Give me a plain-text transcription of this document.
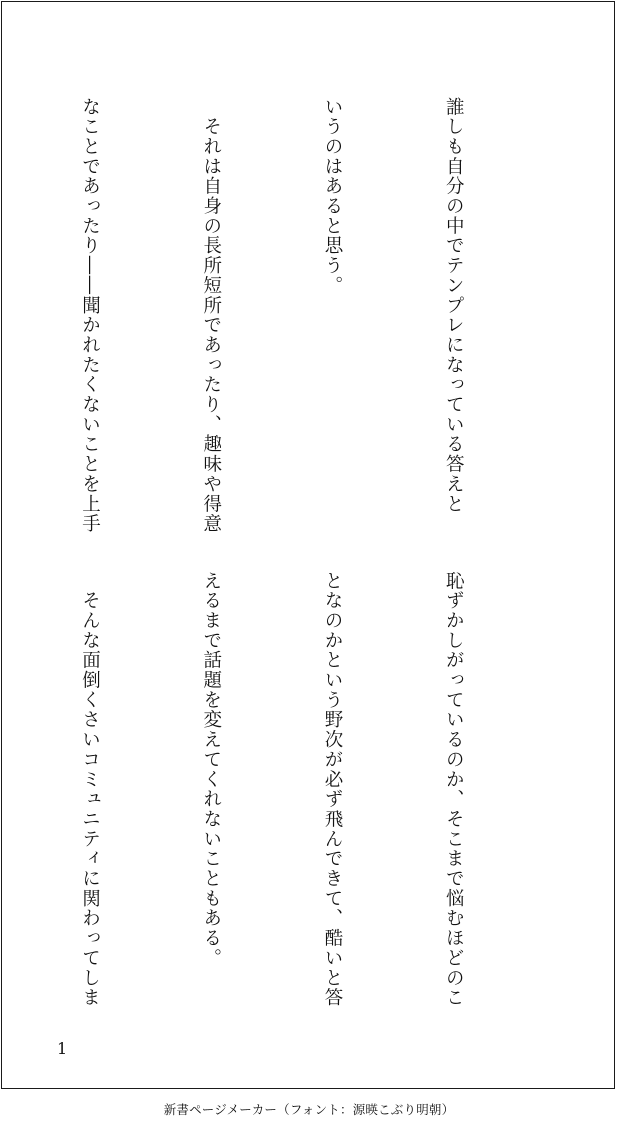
誰しも自分の中でテンプレになっている答えと

いうのはあると思う。

　それは自身の長所短所であったり、趣味や得意

なことであったり――聞かれたくないことを上手

恥ずかしがっているのか、そこまで悩むほどのこ

となのかという野次が必ず飛んできて、酷いと答

えるまで話題を変えてくれないこともある。

　そんな面倒くさいコミュニティに関わってしま

1
新書ページメーカー（フォント：源暎こぶり明朝）
